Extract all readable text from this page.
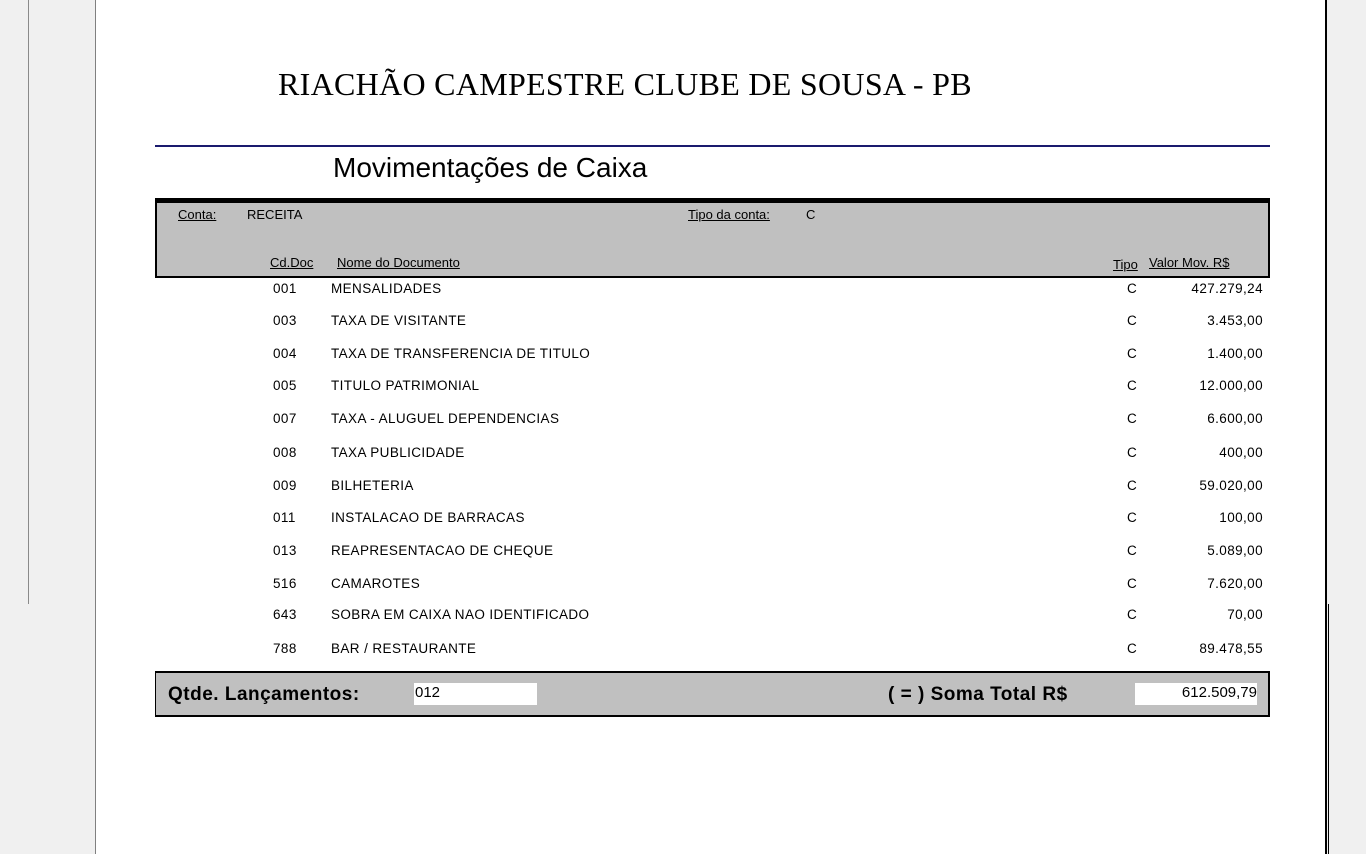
RIACHÃO CAMPESTRE CLUBE DE SOUSA - PB
Movimentações de Caixa
Conta: RECEITA	Tipo da conta:	C
Cd.Doc Nome do Documento	Tipo Valor Mov. R$
001	MENSALIDADES	C	427.279,24
003	TAXA DE VISITANTE	C	3.453,00
004	TAXA DE TRANSFERENCIA DE TITULO	C	1.400,00
005	TITULO PATRIMONIAL	C	12.000,00
007	TAXA - ALUGUEL DEPENDENCIAS	C	6.600,00
008	TAXA PUBLICIDADE	C	400,00
009	BILHETERIA	C	59.020,00
011	INSTALACAO DE BARRACAS	C	100,00
013	REAPRESENTACAO DE CHEQUE	C	5.089,00
516	CAMAROTES	C	7.620,00
643	SOBRA EM CAIXA NAO IDENTIFICADO	C	70,00
788	BAR / RESTAURANTE	C	89.478,55
Qtde. Lançamentos:	012	( = ) Soma Total R$	612.509,79
